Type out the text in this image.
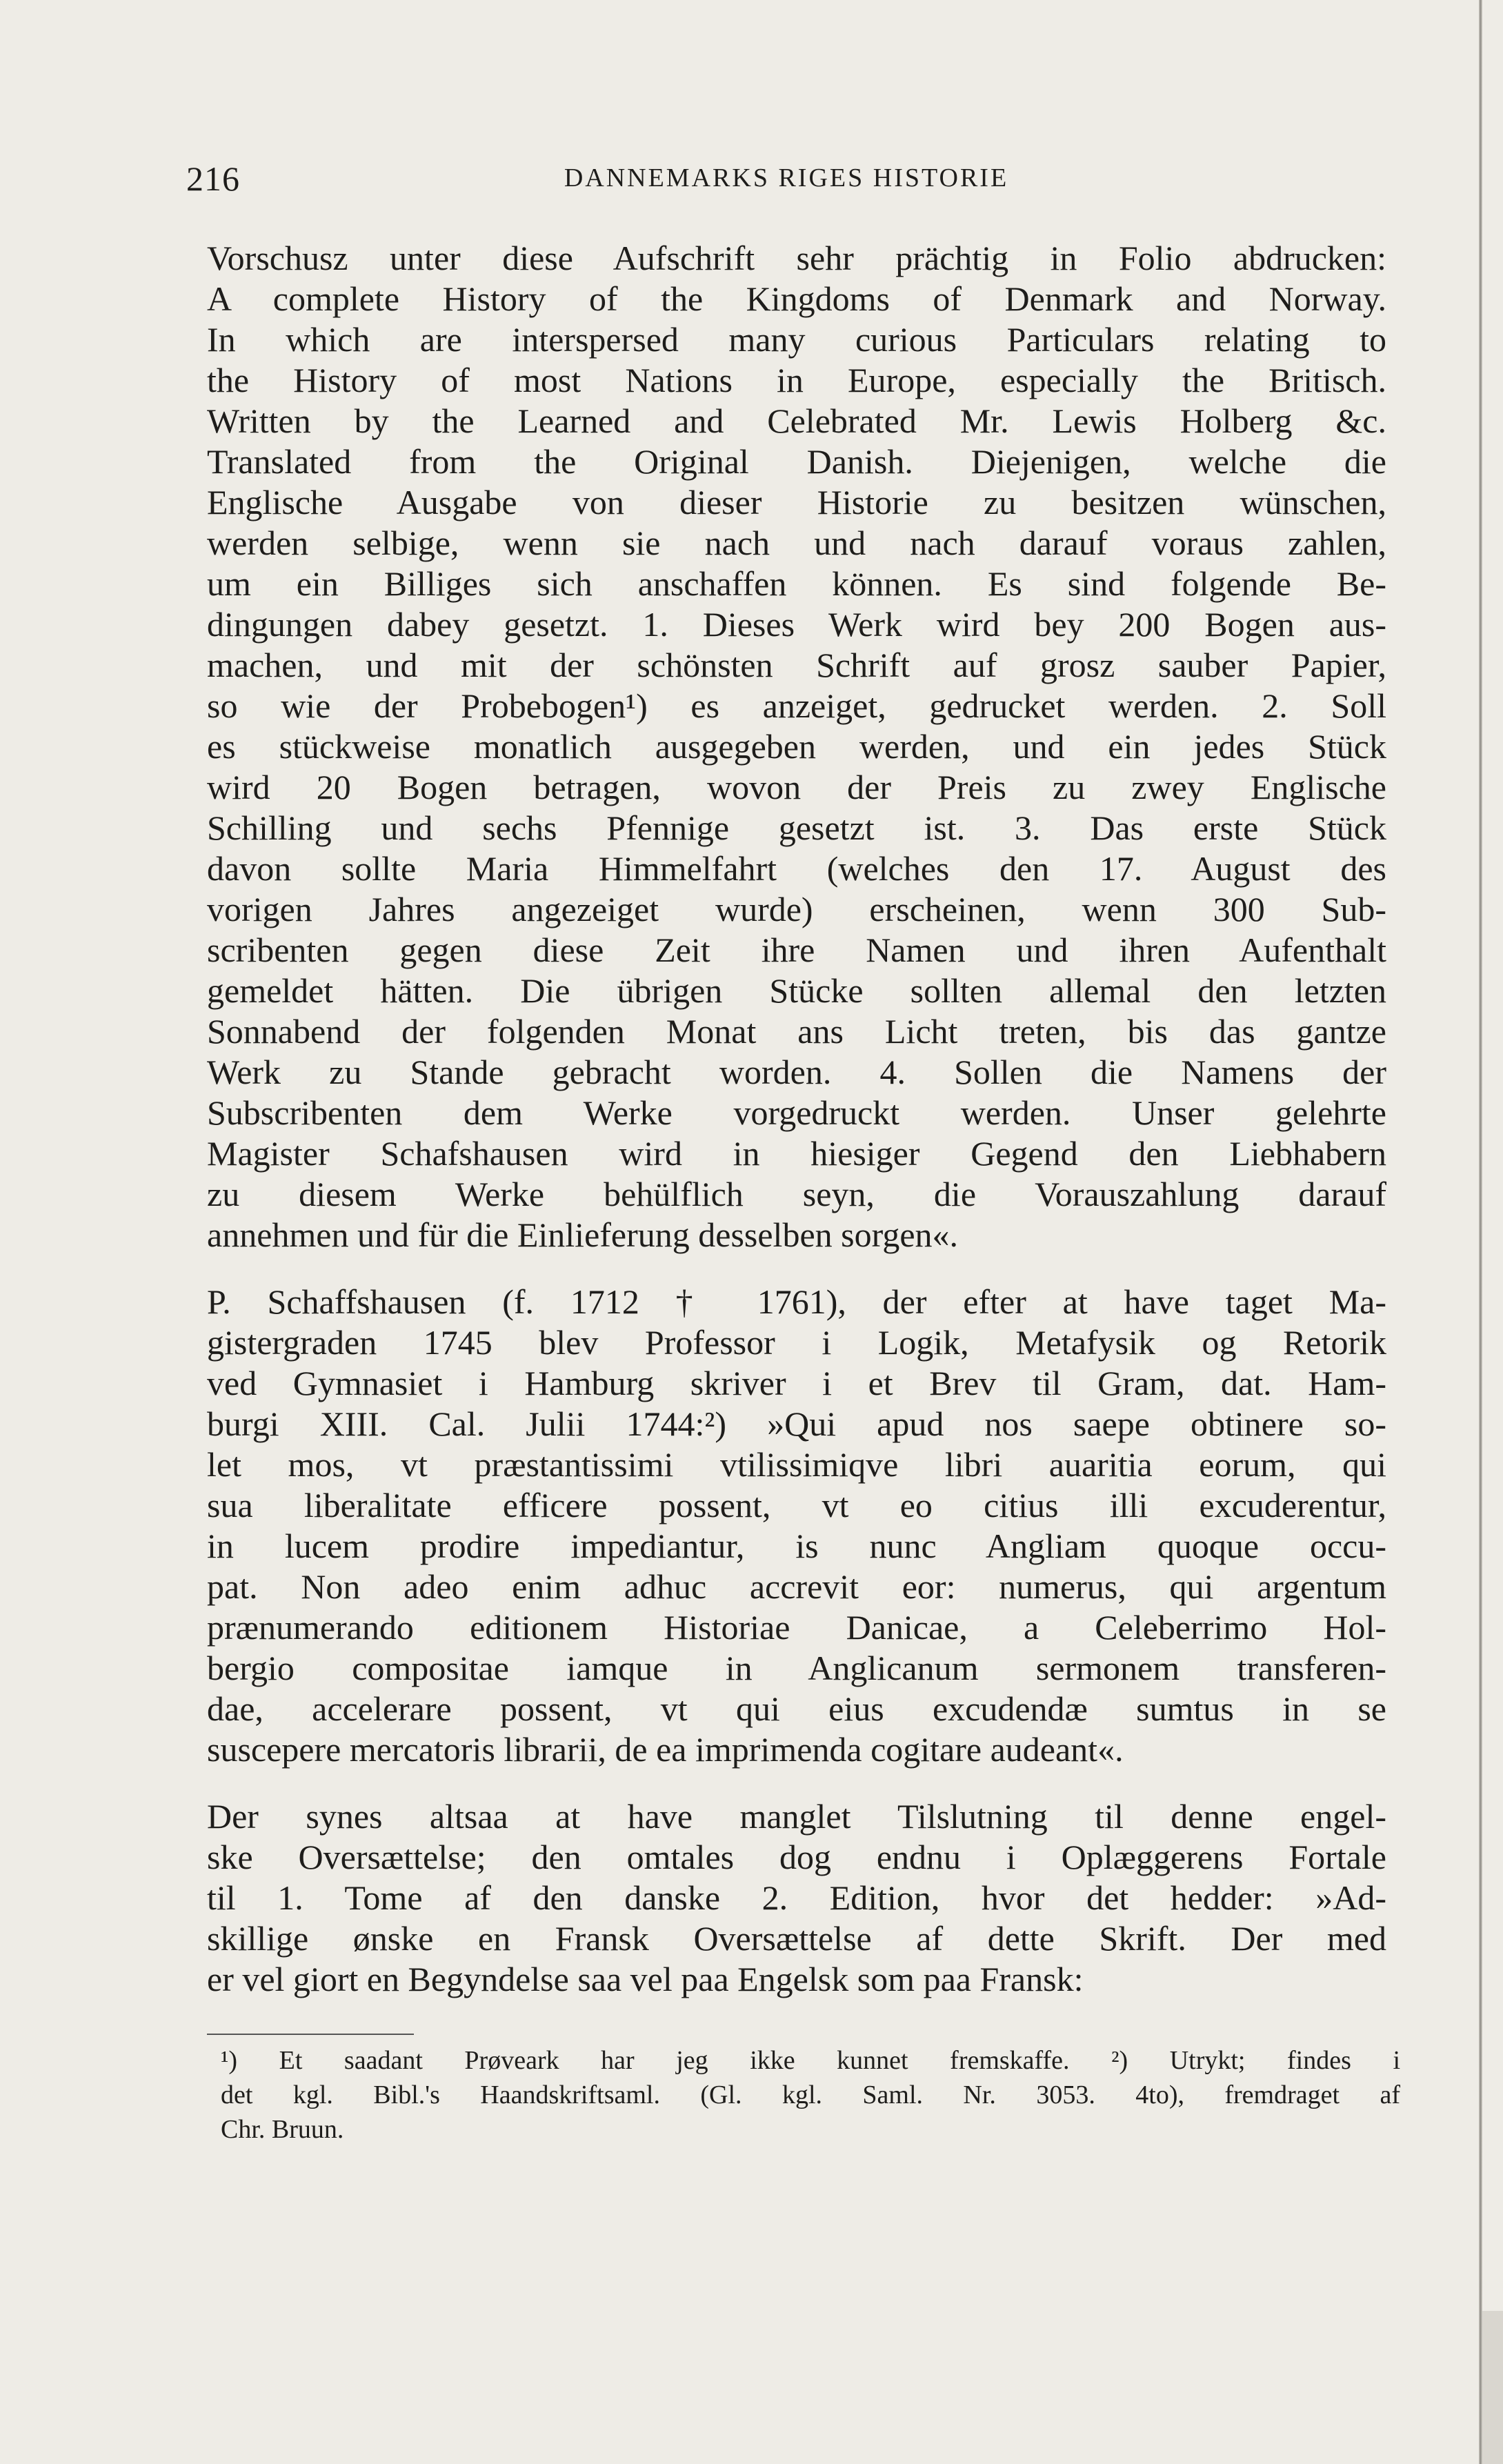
216	DANNEMARKS RIGES HISTORIE
Vorschusz unter diese Aufschrift sehr prächtig in Folio abdrucken:
A complete History of the Kingdoms of Denmark and Norway.
In which are interspersed many curious Particulars relating to
the History of most Nations in Europe, especially the Britisch.
Written by the Learned and Celebrated Mr. Lewis Holberg &c.
Translated from the Original Danish. Diejenigen, welche die
Englische Ausgabe von dieser Historie zu besitzen wünschen,
werden selbige, wenn sie nach und nach darauf voraus zahlen,
um ein Billiges sich anschaffen können. Es sind folgende Be-
dingungen dabey gesetzt. 1. Dieses Werk wird bey 200 Bogen aus-
machen, und mit der schönsten Schrift auf grosz sauber Papier,
so wie der Probebogen¹) es anzeiget, gedrucket werden. 2. Soll
es stückweise monatlich ausgegeben werden, und ein jedes Stück
wird 20 Bogen betragen, wovon der Preis zu zwey Englische
Schilling und sechs Pfennige gesetzt ist. 3. Das erste Stück
davon sollte Maria Himmelfahrt (welches den 17. August des
vorigen Jahres angezeiget wurde) erscheinen, wenn 300 Sub-
scribenten gegen diese Zeit ihre Namen und ihren Aufenthalt
gemeldet hätten. Die übrigen Stücke sollten allemal den letzten
Sonnabend der folgenden Monat ans Licht treten, bis das gantze
Werk zu Stande gebracht worden. 4. Sollen die Namens der
Subscribenten dem Werke vorgedruckt werden. Unser gelehrte
Magister Schafshausen wird in hiesiger Gegend den Liebhabern
zu diesem Werke behülflich seyn, die Vorauszahlung darauf
annehmen und für die Einlieferung desselben sorgen«.
P. Schaffshausen (f. 1712 † 1761), der efter at have taget Ma-
gistergraden 1745 blev Professor i Logik, Metafysik og Retorik
ved Gymnasiet i Hamburg skriver i et Brev til Gram, dat. Ham-
burgi XIII. Cal. Julii 1744:²) »Qui apud nos saepe obtinere so-
let mos, vt præstantissimi vtilissimiqve libri auaritia eorum, qui
sua liberalitate efficere possent, vt eo citius illi excuderentur,
in lucem prodire impediantur, is nunc Angliam quoque occu-
pat. Non adeo enim adhuc accrevit eor: numerus, qui argentum
prænumerando editionem Historiae Danicae, a Celeberrimo Hol-
bergio compositae iamque in Anglicanum sermonem transferen-
dae, accelerare possent, vt qui eius excudendæ sumtus in se
suscepere mercatoris librarii, de ea imprimenda cogitare audeant«.
Der synes altsaa at have manglet Tilslutning til denne engel-
ske Oversættelse; den omtales dog endnu i Oplæggerens Fortale
til 1. Tome af den danske 2. Edition, hvor det hedder: »Ad-
skillige ønske en Fransk Oversættelse af dette Skrift. Der med
er vel giort en Begyndelse saa vel paa Engelsk som paa Fransk:
¹) Et saadant Prøveark har jeg ikke kunnet fremskaffe. ²) Utrykt; findes i
det kgl. Bibl.'s Haandskriftsaml. (Gl. kgl. Saml. Nr. 3053. 4to), fremdraget af
Chr. Bruun.
